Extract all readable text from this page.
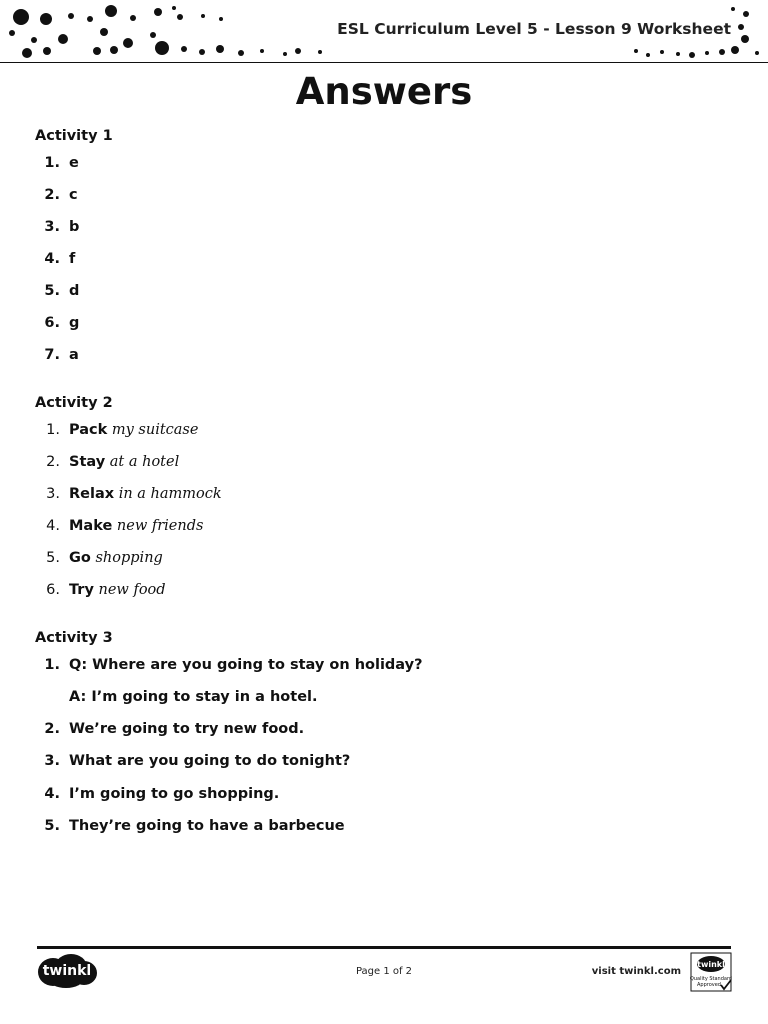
ESL Curriculum Level 5 - Lesson 9 Worksheet
Answers
Activity 1
1. e
2. c
3. b
4. f
5. d
6. g
7. a
Activity 2
1. Pack my suitcase
2. Stay at a hotel
3. Relax in a hammock
4. Make new friends
5. Go shopping
6. Try new food
Activity 3
1. Q: Where are you going to stay on holiday?
A: I’m going to stay in a hotel.
2. We’re going to try new food.
3. What are you going to do tonight?
4. I’m going to go shopping.
5. They’re going to have a barbecue
twinkl	Page 1 of 2	visit twinkl.com
twinkl
Quality Standard
Approved
